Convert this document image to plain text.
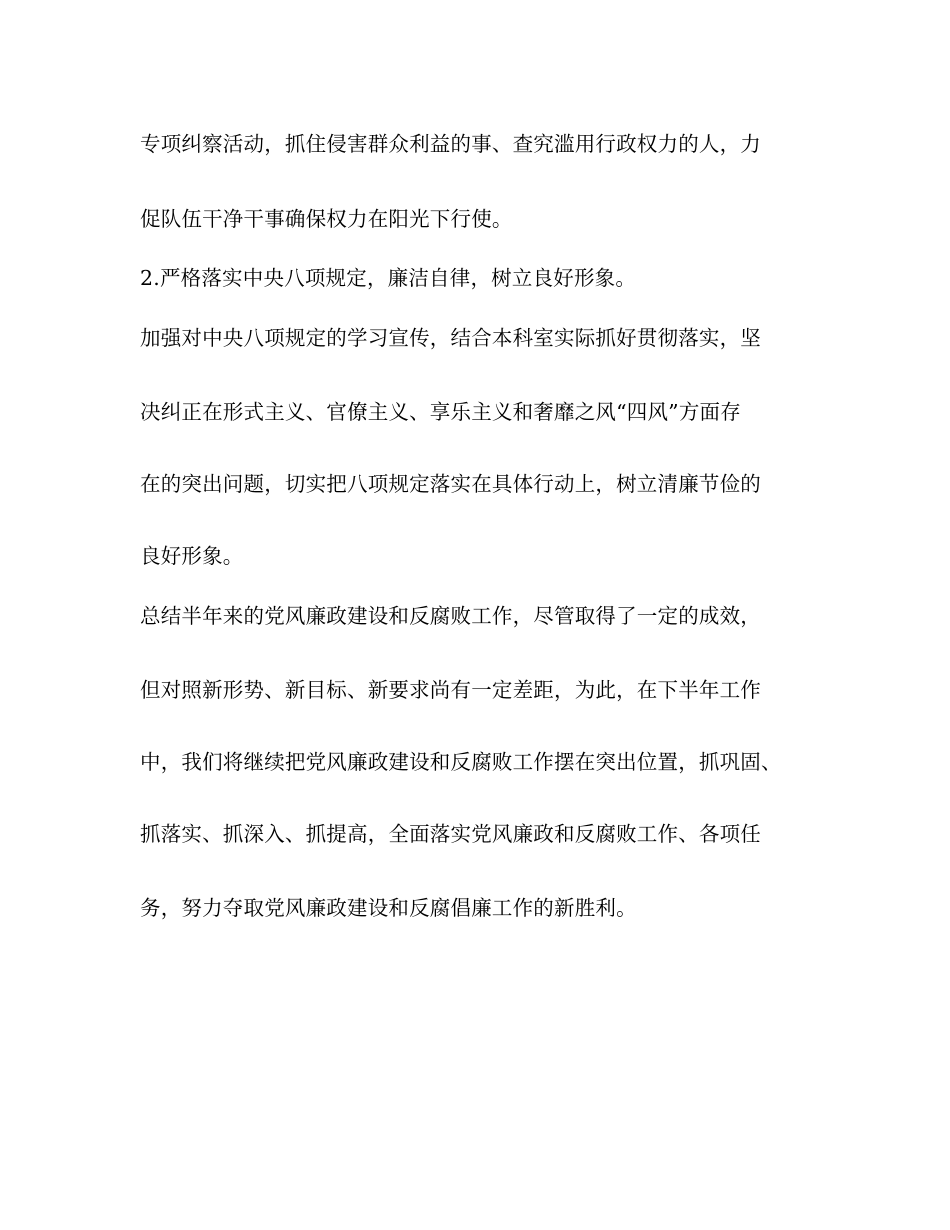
专项纠察活动，抓住侵害群众利益的事、查究滥用行政权力的人，力
促队伍干净干事确保权力在阳光下行使。
2.严格落实中央八项规定，廉洁自律，树立良好形象。
加强对中央八项规定的学习宣传，结合本科室实际抓好贯彻落实，坚
决纠正在形式主义、官僚主义、享乐主义和奢靡之风“四风”方面存
在的突出问题，切实把八项规定落实在具体行动上，树立清廉节俭的
良好形象。
总结半年来的党风廉政建设和反腐败工作，尽管取得了一定的成效，
但对照新形势、新目标、新要求尚有一定差距，为此，在下半年工作
中，我们将继续把党风廉政建设和反腐败工作摆在突出位置，抓巩固、
抓落实、抓深入、抓提高，全面落实党风廉政和反腐败工作、各项任
务，努力夺取党风廉政建设和反腐倡廉工作的新胜利。
